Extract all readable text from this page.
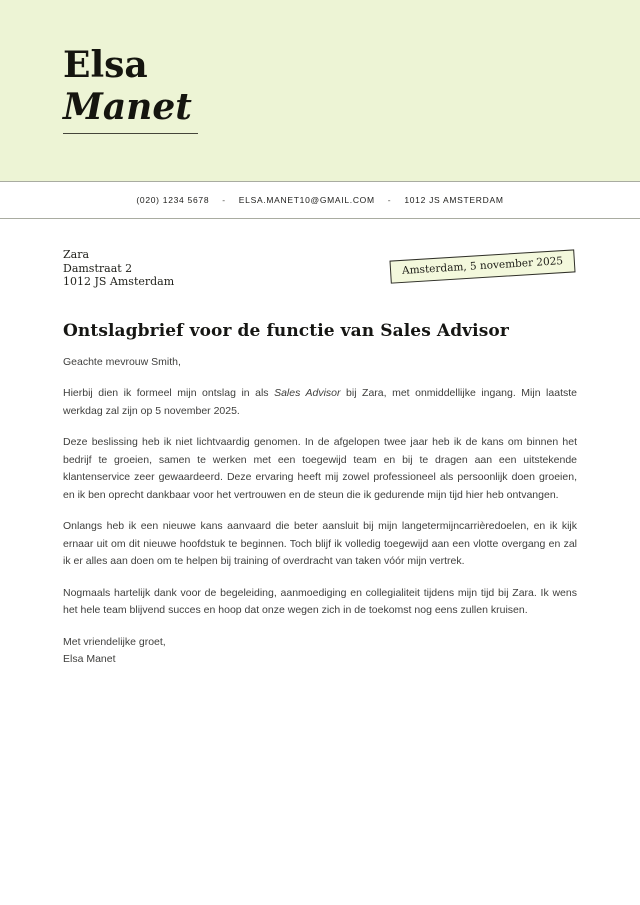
Elsa
Manet
(020) 1234 5678 - ELSA.MANET10@GMAIL.COM - 1012 JS AMSTERDAM
Zara
Damstraat 2
1012 JS Amsterdam
Amsterdam, 5 november 2025
Ontslagbrief voor de functie van Sales Advisor

Geachte mevrouw Smith,

Hierbij dien ik formeel mijn ontslag in als Sales Advisor bij Zara, met onmiddellijke ingang. Mijn laatste werkdag zal zijn op 5 november 2025.

Deze beslissing heb ik niet lichtvaardig genomen. In de afgelopen twee jaar heb ik de kans om binnen het bedrijf te groeien, samen te werken met een toegewijd team en bij te dragen aan een uitstekende klantenservice zeer gewaardeerd. Deze ervaring heeft mij zowel professioneel als persoonlijk doen groeien, en ik ben oprecht dankbaar voor het vertrouwen en de steun die ik gedurende mijn tijd hier heb ontvangen.

Onlangs heb ik een nieuwe kans aanvaard die beter aansluit bij mijn langetermijncarrièredoelen, en ik kijk ernaar uit om dit nieuwe hoofdstuk te beginnen. Toch blijf ik volledig toegewijd aan een vlotte overgang en zal ik er alles aan doen om te helpen bij training of overdracht van taken vóór mijn vertrek.

Nogmaals hartelijk dank voor de begeleiding, aanmoediging en collegialiteit tijdens mijn tijd bij Zara. Ik wens het hele team blijvend succes en hoop dat onze wegen zich in de toekomst nog eens zullen kruisen.

Met vriendelijke groet,
Elsa Manet
